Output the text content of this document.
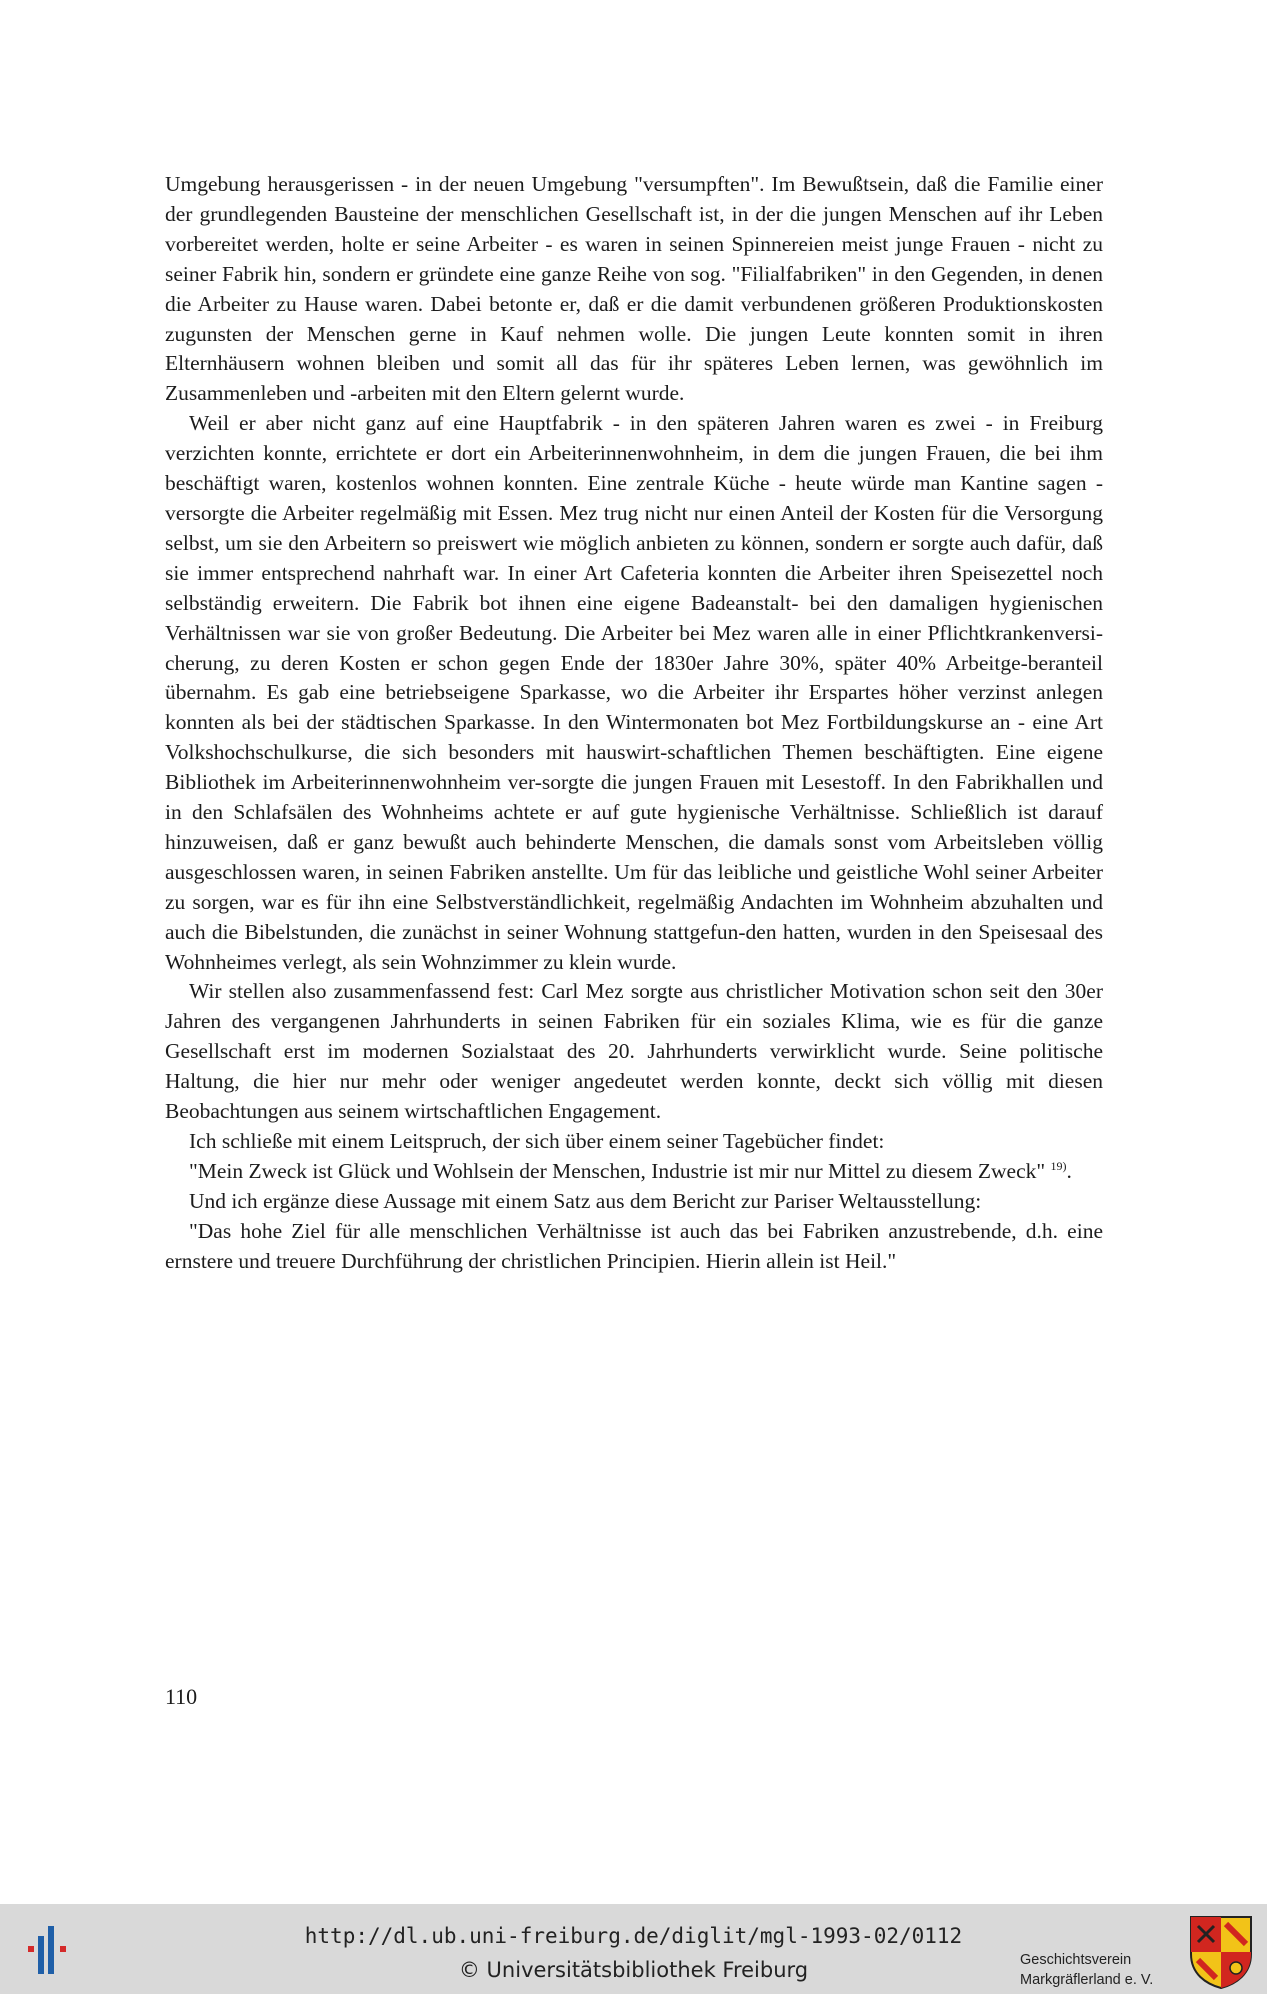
Umgebung herausgerissen - in der neuen Umgebung "versumpften". Im Bewußtsein, daß die Familie einer der grundlegenden Bausteine der menschlichen Gesellschaft ist, in der die jungen Menschen auf ihr Leben vorbereitet werden, holte er seine Arbeiter - es waren in seinen Spinnereien meist junge Frauen - nicht zu seiner Fabrik hin, sondern er gründete eine ganze Reihe von sog. "Filialfabriken" in den Gegenden, in denen die Arbeiter zu Hause waren. Dabei betonte er, daß er die damit verbundenen größeren Produktionskosten zugunsten der Menschen gerne in Kauf nehmen wolle. Die jungen Leute konnten somit in ihren Elternhäusern wohnen bleiben und somit all das für ihr späteres Leben lernen, was gewöhnlich im Zusammenleben und -arbeiten mit den Eltern gelernt wurde.

Weil er aber nicht ganz auf eine Hauptfabrik - in den späteren Jahren waren es zwei - in Freiburg verzichten konnte, errichtete er dort ein Arbeiterinnenwohnheim, in dem die jungen Frauen, die bei ihm beschäftigt waren, kostenlos wohnen konnten. Eine zentrale Küche - heute würde man Kantine sagen - versorgte die Arbeiter regelmäßig mit Essen. Mez trug nicht nur einen Anteil der Kosten für die Versorgung selbst, um sie den Arbeitern so preiswert wie möglich anbieten zu können, sondern er sorgte auch dafür, daß sie immer entsprechend nahrhaft war. In einer Art Cafeteria konnten die Arbeiter ihren Speisezettel noch selbständig erweitern. Die Fabrik bot ihnen eine eigene Badeanstalt- bei den damaligen hygienischen Verhältnissen war sie von großer Bedeutung. Die Arbeiter bei Mez waren alle in einer Pflichtkrankenversi-cherung, zu deren Kosten er schon gegen Ende der 1830er Jahre 30%, später 40% Arbeitge-beranteil übernahm. Es gab eine betriebseigene Sparkasse, wo die Arbeiter ihr Erspartes höher verzinst anlegen konnten als bei der städtischen Sparkasse. In den Wintermonaten bot Mez Fortbildungskurse an - eine Art Volkshochschulkurse, die sich besonders mit hauswirt-schaftlichen Themen beschäftigten. Eine eigene Bibliothek im Arbeiterinnenwohnheim ver-sorgte die jungen Frauen mit Lesestoff. In den Fabrikhallen und in den Schlafsälen des Wohnheims achtete er auf gute hygienische Verhältnisse. Schließlich ist darauf hinzuweisen, daß er ganz bewußt auch behinderte Menschen, die damals sonst vom Arbeitsleben völlig ausgeschlossen waren, in seinen Fabriken anstellte. Um für das leibliche und geistliche Wohl seiner Arbeiter zu sorgen, war es für ihn eine Selbstverständlichkeit, regelmäßig Andachten im Wohnheim abzuhalten und auch die Bibelstunden, die zunächst in seiner Wohnung stattgefun-den hatten, wurden in den Speisesaal des Wohnheimes verlegt, als sein Wohnzimmer zu klein wurde.

Wir stellen also zusammenfassend fest: Carl Mez sorgte aus christlicher Motivation schon seit den 30er Jahren des vergangenen Jahrhunderts in seinen Fabriken für ein soziales Klima, wie es für die ganze Gesellschaft erst im modernen Sozialstaat des 20. Jahrhunderts verwirklicht wurde. Seine politische Haltung, die hier nur mehr oder weniger angedeutet werden konnte, deckt sich völlig mit diesen Beobachtungen aus seinem wirtschaftlichen Engagement.

Ich schließe mit einem Leitspruch, der sich über einem seiner Tagebücher findet:

"Mein Zweck ist Glück und Wohlsein der Menschen, Industrie ist mir nur Mittel zu diesem Zweck" $^{19)}$.

Und ich ergänze diese Aussage mit einem Satz aus dem Bericht zur Pariser Weltausstellung:

"Das hohe Ziel für alle menschlichen Verhältnisse ist auch das bei Fabriken anzustrebende, d.h. eine ernstere und treuere Durchführung der christlichen Principien. Hierin allein ist Heil."

110
http://dl.ub.uni-freiburg.de/diglit/mgl-1993-02/0112
© Universitätsbibliothek Freiburg	Geschichtsverein
Markgräflerland e. V.
